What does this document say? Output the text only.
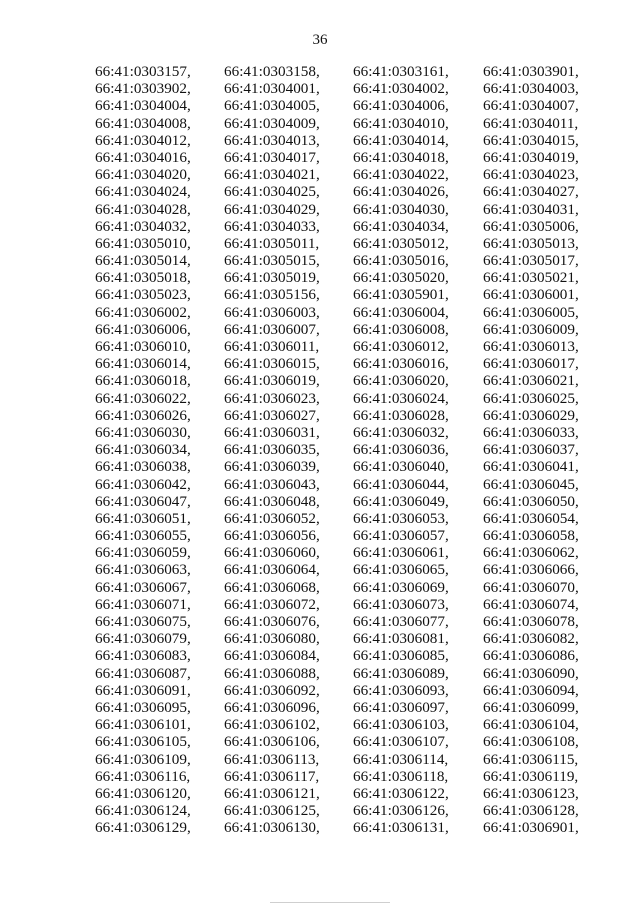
36
66:41:0303157,	66:41:0303158,	66:41:0303161,	66:41:0303901,
66:41:0303902,	66:41:0304001,	66:41:0304002,	66:41:0304003,
66:41:0304004,	66:41:0304005,	66:41:0304006,	66:41:0304007,
66:41:0304008,	66:41:0304009,	66:41:0304010,	66:41:0304011,
66:41:0304012,	66:41:0304013,	66:41:0304014,	66:41:0304015,
66:41:0304016,	66:41:0304017,	66:41:0304018,	66:41:0304019,
66:41:0304020,	66:41:0304021,	66:41:0304022,	66:41:0304023,
66:41:0304024,	66:41:0304025,	66:41:0304026,	66:41:0304027,
66:41:0304028,	66:41:0304029,	66:41:0304030,	66:41:0304031,
66:41:0304032,	66:41:0304033,	66:41:0304034,	66:41:0305006,
66:41:0305010,	66:41:0305011,	66:41:0305012,	66:41:0305013,
66:41:0305014,	66:41:0305015,	66:41:0305016,	66:41:0305017,
66:41:0305018,	66:41:0305019,	66:41:0305020,	66:41:0305021,
66:41:0305023,	66:41:0305156,	66:41:0305901,	66:41:0306001,
66:41:0306002,	66:41:0306003,	66:41:0306004,	66:41:0306005,
66:41:0306006,	66:41:0306007,	66:41:0306008,	66:41:0306009,
66:41:0306010,	66:41:0306011,	66:41:0306012,	66:41:0306013,
66:41:0306014,	66:41:0306015,	66:41:0306016,	66:41:0306017,
66:41:0306018,	66:41:0306019,	66:41:0306020,	66:41:0306021,
66:41:0306022,	66:41:0306023,	66:41:0306024,	66:41:0306025,
66:41:0306026,	66:41:0306027,	66:41:0306028,	66:41:0306029,
66:41:0306030,	66:41:0306031,	66:41:0306032,	66:41:0306033,
66:41:0306034,	66:41:0306035,	66:41:0306036,	66:41:0306037,
66:41:0306038,	66:41:0306039,	66:41:0306040,	66:41:0306041,
66:41:0306042,	66:41:0306043,	66:41:0306044,	66:41:0306045,
66:41:0306047,	66:41:0306048,	66:41:0306049,	66:41:0306050,
66:41:0306051,	66:41:0306052,	66:41:0306053,	66:41:0306054,
66:41:0306055,	66:41:0306056,	66:41:0306057,	66:41:0306058,
66:41:0306059,	66:41:0306060,	66:41:0306061,	66:41:0306062,
66:41:0306063,	66:41:0306064,	66:41:0306065,	66:41:0306066,
66:41:0306067,	66:41:0306068,	66:41:0306069,	66:41:0306070,
66:41:0306071,	66:41:0306072,	66:41:0306073,	66:41:0306074,
66:41:0306075,	66:41:0306076,	66:41:0306077,	66:41:0306078,
66:41:0306079,	66:41:0306080,	66:41:0306081,	66:41:0306082,
66:41:0306083,	66:41:0306084,	66:41:0306085,	66:41:0306086,
66:41:0306087,	66:41:0306088,	66:41:0306089,	66:41:0306090,
66:41:0306091,	66:41:0306092,	66:41:0306093,	66:41:0306094,
66:41:0306095,	66:41:0306096,	66:41:0306097,	66:41:0306099,
66:41:0306101,	66:41:0306102,	66:41:0306103,	66:41:0306104,
66:41:0306105,	66:41:0306106,	66:41:0306107,	66:41:0306108,
66:41:0306109,	66:41:0306113,	66:41:0306114,	66:41:0306115,
66:41:0306116,	66:41:0306117,	66:41:0306118,	66:41:0306119,
66:41:0306120,	66:41:0306121,	66:41:0306122,	66:41:0306123,
66:41:0306124,	66:41:0306125,	66:41:0306126,	66:41:0306128,
66:41:0306129,	66:41:0306130,	66:41:0306131,	66:41:0306901,
